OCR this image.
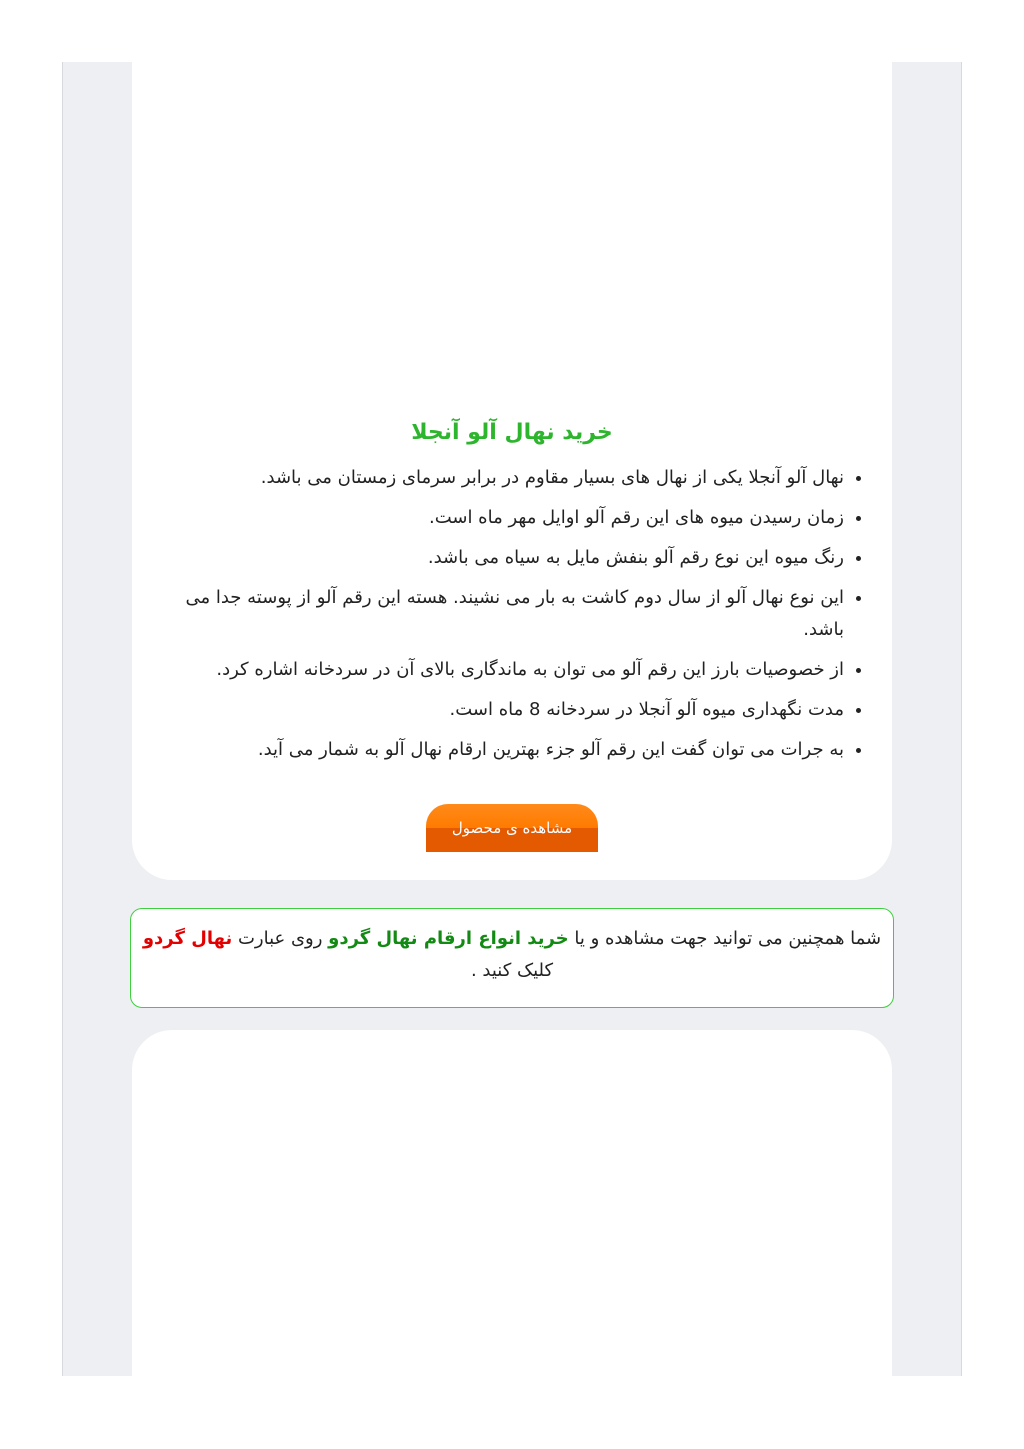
خرید نهال آلو آنجلا
• نهال آلو آنجلا یکی از نهال های بسیار مقاوم در برابر سرمای زمستان می باشد.
• زمان رسیدن میوه های این رقم آلو اوایل مهر ماه است.
• رنگ میوه این نوع رقم آلو بنفش مایل به سیاه می باشد.
• این نوع نهال آلو از سال دوم کاشت به بار می نشیند. هسته این رقم آلو از پوسته جدا می باشد.
• از خصوصیات بارز این رقم آلو می توان به ماندگاری بالای آن در سردخانه اشاره کرد.
• مدت نگهداری میوه آلو آنجلا در سردخانه 8 ماه است.
• به جرات می توان گفت این رقم آلو جزء بهترین ارقام نهال آلو به شمار می آید.
مشاهده ی محصول
شما همچنین می توانید جهت مشاهده و یا خرید انواع ارقام نهال گردو روی عبارت نهال گردو کلیک کنید .
